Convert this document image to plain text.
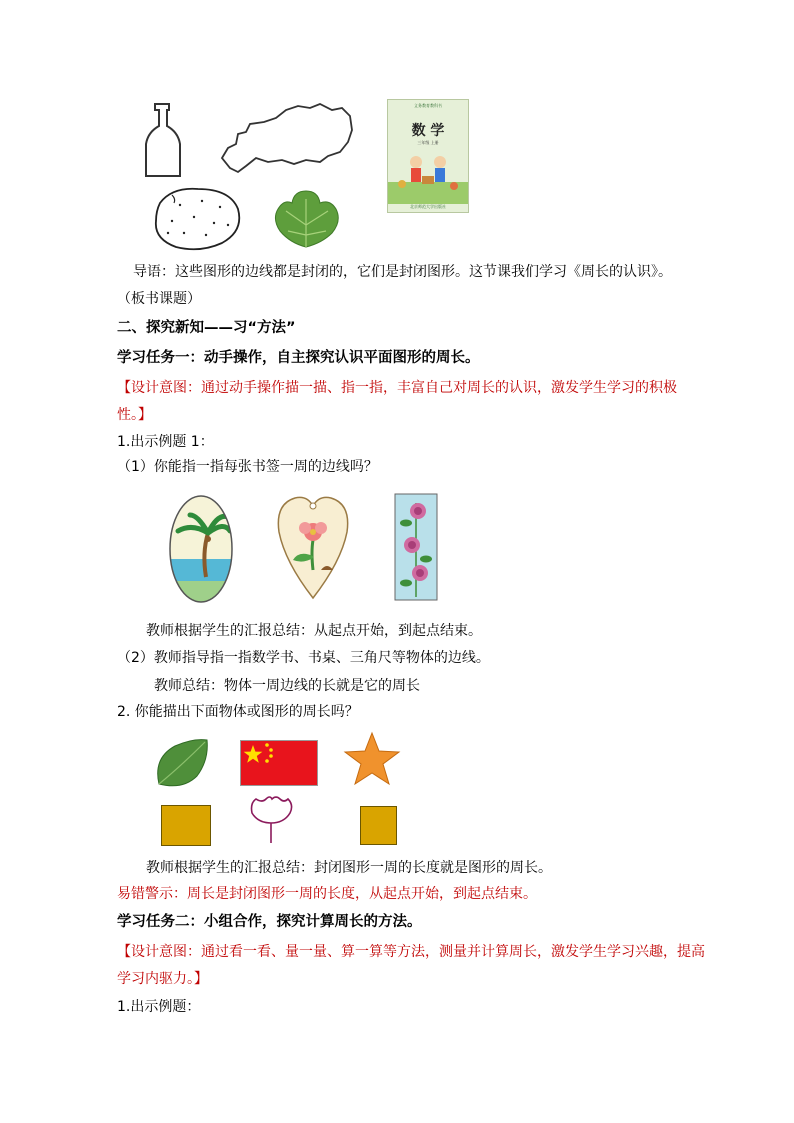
义务教育教科书
数 学
三年级 上册
北京师范大学出版社
导语：这些图形的边线都是封闭的，它们是封闭图形。这节课我们学习《周长的认识》。
（板书课题）
二、探究新知——习“方法”
学习任务一：动手操作，自主探究认识平面图形的周长。
【设计意图：通过动手操作描一描、指一指，丰富自己对周长的认识，激发学生学习的积极
性。】
1.出示例题 1：
（1）你能指一指每张书签一周的边线吗？
教师根据学生的汇报总结：从起点开始，到起点结束。
（2）教师指导指一指数学书、书桌、三角尺等物体的边线。
教师总结：物体一周边线的长就是它的周长
2. 你能描出下面物体或图形的周长吗？
教师根据学生的汇报总结：封闭图形一周的长度就是图形的周长。
易错警示：周长是封闭图形一周的长度，从起点开始，到起点结束。
学习任务二：小组合作，探究计算周长的方法。
【设计意图：通过看一看、量一量、算一算等方法，测量并计算周长，激发学生学习兴趣，提高
学习内驱力。】
1.出示例题：
